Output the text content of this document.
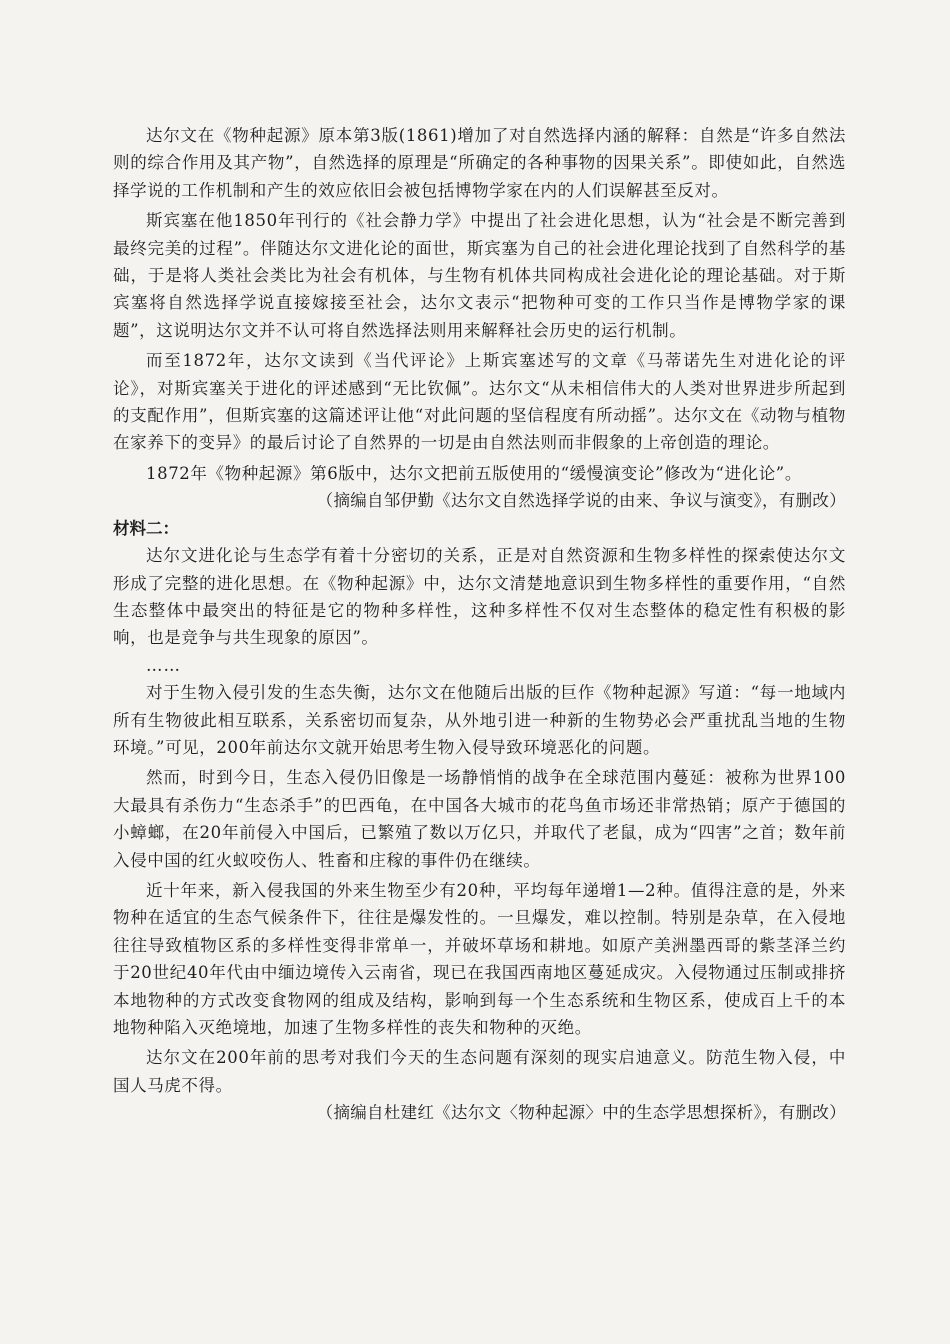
达尔文在《物种起源》原本第3版(1861)增加了对自然选择内涵的解释：自然是“许多自然法则的综合作用及其产物”，自然选择的原理是“所确定的各种事物的因果关系”。即使如此，自然选择学说的工作机制和产生的效应依旧会被包括博物学家在内的人们误解甚至反对。

斯宾塞在他1850年刊行的《社会静力学》中提出了社会进化思想，认为“社会是不断完善到最终完美的过程”。伴随达尔文进化论的面世，斯宾塞为自己的社会进化理论找到了自然科学的基础，于是将人类社会类比为社会有机体，与生物有机体共同构成社会进化论的理论基础。对于斯宾塞将自然选择学说直接嫁接至社会，达尔文表示“把物种可变的工作只当作是博物学家的课题”，这说明达尔文并不认可将自然选择法则用来解释社会历史的运行机制。

而至1872年，达尔文读到《当代评论》上斯宾塞述写的文章《马蒂诺先生对进化论的评论》，对斯宾塞关于进化的评述感到“无比钦佩”。达尔文“从未相信伟大的人类对世界进步所起到的支配作用”，但斯宾塞的这篇述评让他“对此问题的坚信程度有所动摇”。达尔文在《动物与植物在家养下的变异》的最后讨论了自然界的一切是由自然法则而非假象的上帝创造的理论。

1872年《物种起源》第6版中，达尔文把前五版使用的“缓慢演变论”修改为“进化论”。

（摘编自邹伊勤《达尔文自然选择学说的由来、争议与演变》，有删改）

材料二：

达尔文进化论与生态学有着十分密切的关系，正是对自然资源和生物多样性的探索使达尔文形成了完整的进化思想。在《物种起源》中，达尔文清楚地意识到生物多样性的重要作用，“自然生态整体中最突出的特征是它的物种多样性，这种多样性不仅对生态整体的稳定性有积极的影响，也是竞争与共生现象的原因”。

……

对于生物入侵引发的生态失衡，达尔文在他随后出版的巨作《物种起源》写道：“每一地域内所有生物彼此相互联系，关系密切而复杂，从外地引进一种新的生物势必会严重扰乱当地的生物环境。”可见，200年前达尔文就开始思考生物入侵导致环境恶化的问题。

然而，时到今日，生态入侵仍旧像是一场静悄悄的战争在全球范围内蔓延：被称为世界100大最具有杀伤力“生态杀手”的巴西龟，在中国各大城市的花鸟鱼市场还非常热销；原产于德国的小蟑螂，在20年前侵入中国后，已繁殖了数以万亿只，并取代了老鼠，成为“四害”之首；数年前入侵中国的红火蚁咬伤人、牲畜和庄稼的事件仍在继续。

近十年来，新入侵我国的外来生物至少有20种，平均每年递增1—2种。值得注意的是，外来物种在适宜的生态气候条件下，往往是爆发性的。一旦爆发，难以控制。特别是杂草，在入侵地往往导致植物区系的多样性变得非常单一，并破坏草场和耕地。如原产美洲墨西哥的紫茎泽兰约于20世纪40年代由中缅边境传入云南省，现已在我国西南地区蔓延成灾。入侵物通过压制或排挤本地物种的方式改变食物网的组成及结构，影响到每一个生态系统和生物区系，使成百上千的本地物种陷入灭绝境地，加速了生物多样性的丧失和物种的灭绝。

达尔文在200年前的思考对我们今天的生态问题有深刻的现实启迪意义。防范生物入侵，中国人马虎不得。

（摘编自杜建红《达尔文〈物种起源〉中的生态学思想探析》，有删改）
